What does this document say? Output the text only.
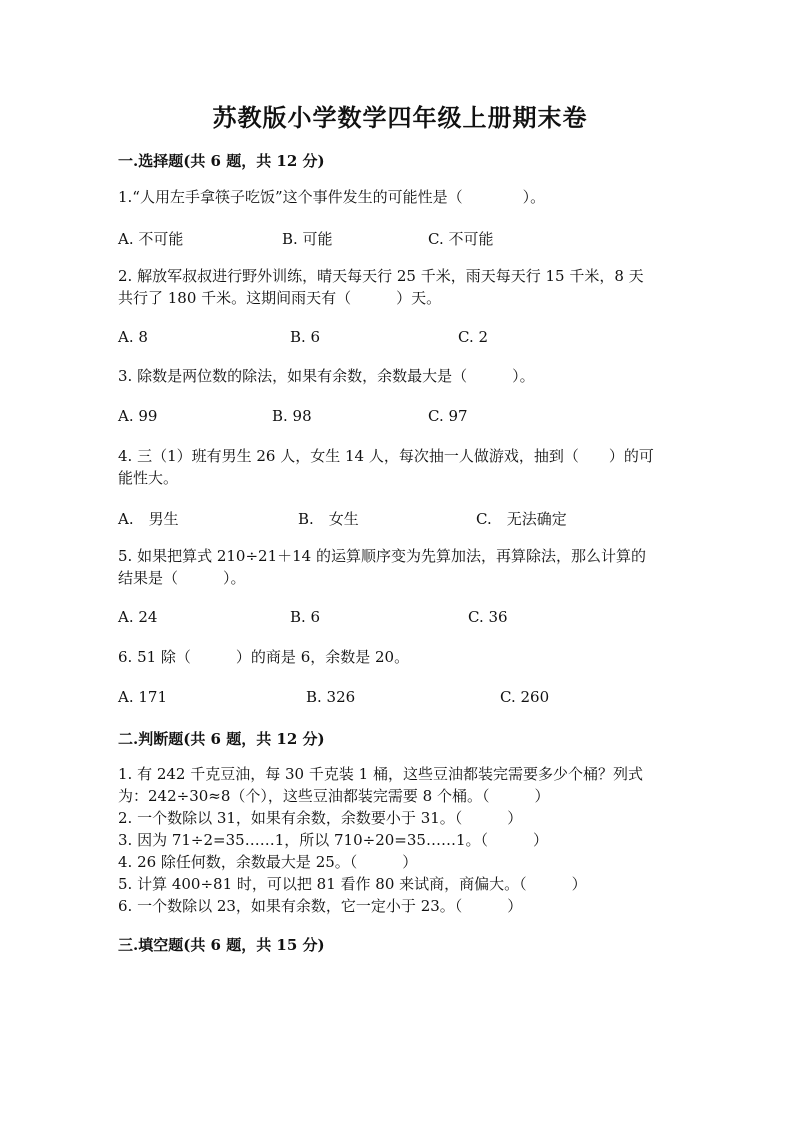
苏教版小学数学四年级上册期末卷
一.选择题(共 6 题，共 12 分)
1.“人用左手拿筷子吃饭”这个事件发生的可能性是（　　　　）。
A. 不可能	B. 可能	C. 不可能
2. 解放军叔叔进行野外训练，晴天每天行 25 千米，雨天每天行 15 千米，8 天
共行了 180 千米。这期间雨天有（　　　）天。
A. 8	B. 6	C. 2
3. 除数是两位数的除法，如果有余数，余数最大是（　　　）。
A. 99	B. 98	C. 97
4. 三（1）班有男生 26 人，女生 14 人，每次抽一人做游戏，抽到（　　）的可
能性大。
A.　男生	B.　女生	C.　无法确定
5. 如果把算式 210÷21＋14 的运算顺序变为先算加法，再算除法，那么计算的
结果是（　　　）。
A. 24	B. 6	C. 36
6. 51 除（　　　）的商是 6，余数是 20。
A. 171	B. 326	C. 260
二.判断题(共 6 题，共 12 分)
1. 有 242 千克豆油，每 30 千克装 1 桶，这些豆油都装完需要多少个桶？列式
为：242÷30≈8（个），这些豆油都装完需要 8 个桶。（　　　）
2. 一个数除以 31，如果有余数，余数要小于 31。（　　　）
3. 因为 71÷2=35……1，所以 710÷20=35……1。（　　　）
4. 26 除任何数，余数最大是 25。（　　　）
5. 计算 400÷81 时，可以把 81 看作 80 来试商，商偏大。（　　　）
6. 一个数除以 23，如果有余数，它一定小于 23。（　　　）
三.填空题(共 6 题，共 15 分)
